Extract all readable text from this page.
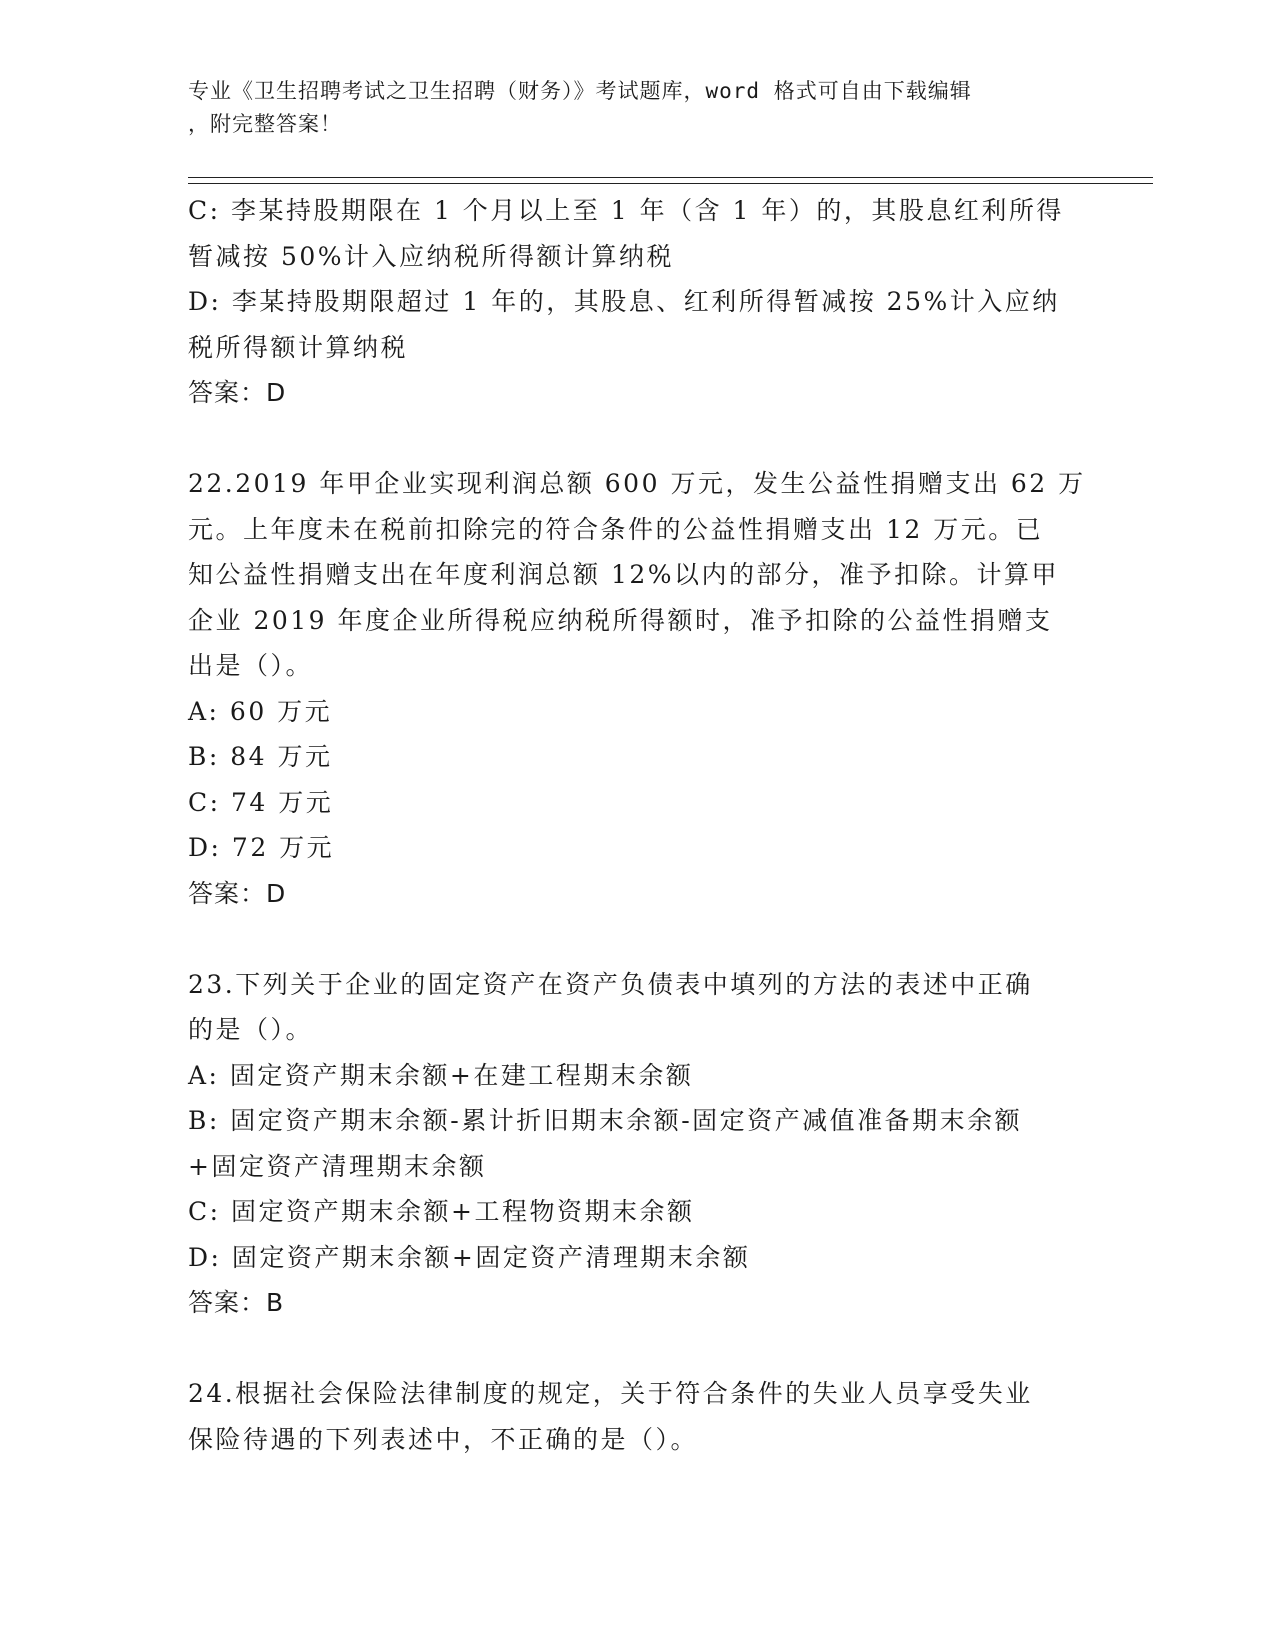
专业《卫生招聘考试之卫生招聘（财务）》考试题库，word 格式可自由下载编辑
，附完整答案！
C: 李某持股期限在 1 个月以上至 1 年（含 1 年）的，其股息红利所得
暂减按 50%计入应纳税所得额计算纳税
D: 李某持股期限超过 1 年的，其股息、红利所得暂减按 25%计入应纳
税所得额计算纳税
答案：D
22.2019 年甲企业实现利润总额 600 万元，发生公益性捐赠支出 62 万
元。上年度未在税前扣除完的符合条件的公益性捐赠支出 12 万元。已
知公益性捐赠支出在年度利润总额 12%以内的部分，准予扣除。计算甲
企业 2019 年度企业所得税应纳税所得额时，准予扣除的公益性捐赠支
出是（）。
A: 60 万元
B: 84 万元
C: 74 万元
D: 72 万元
答案：D
23.下列关于企业的固定资产在资产负债表中填列的方法的表述中正确
的是（）。
A: 固定资产期末余额+在建工程期末余额
B: 固定资产期末余额-累计折旧期末余额-固定资产减值准备期末余额
+固定资产清理期末余额
C: 固定资产期末余额+工程物资期末余额
D: 固定资产期末余额+固定资产清理期末余额
答案：B
24.根据社会保险法律制度的规定，关于符合条件的失业人员享受失业
保险待遇的下列表述中，不正确的是（）。
